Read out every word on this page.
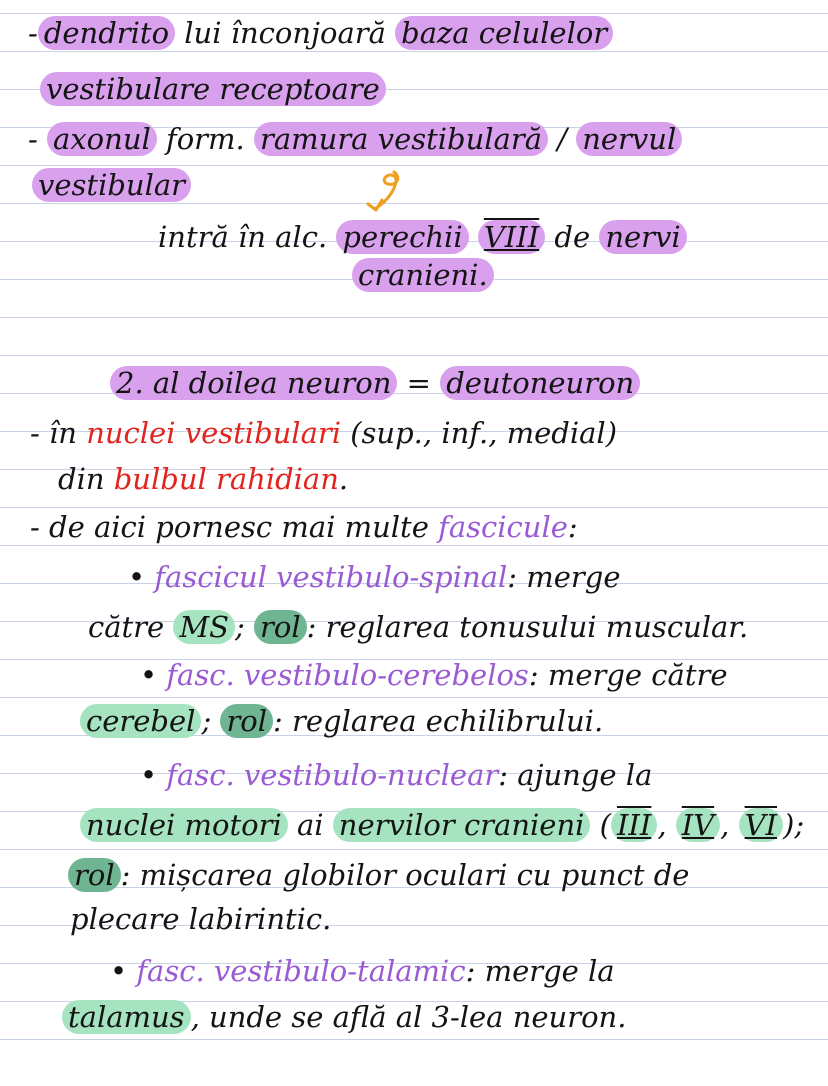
- dendrito lui înconjoară baza celulelor
vestibulare receptoare
- axonul form. ramura vestibulară / nervul
vestibular
intră în alc. perechii VIII de nervi
cranieni.
2. al doilea neuron = deutoneuron
- în nuclei vestibulari (sup., inf., medial)
din bulbul rahidian.
- de aici pornesc mai multe fascicule:
• fascicul vestibulo-spinal: merge
către MS ; rol : reglarea tonusului muscular.
• fasc. vestibulo-cerebelos: merge către
cerebel ; rol : reglarea echilibrului.
• fasc. vestibulo-nuclear: ajunge la
nuclei motori ai nervilor cranieni ( III , IV , VI );
rol : mișcarea globilor oculari cu punct de
plecare labirintic.
• fasc. vestibulo-talamic: merge la
talamus , unde se află al 3-lea neuron.
